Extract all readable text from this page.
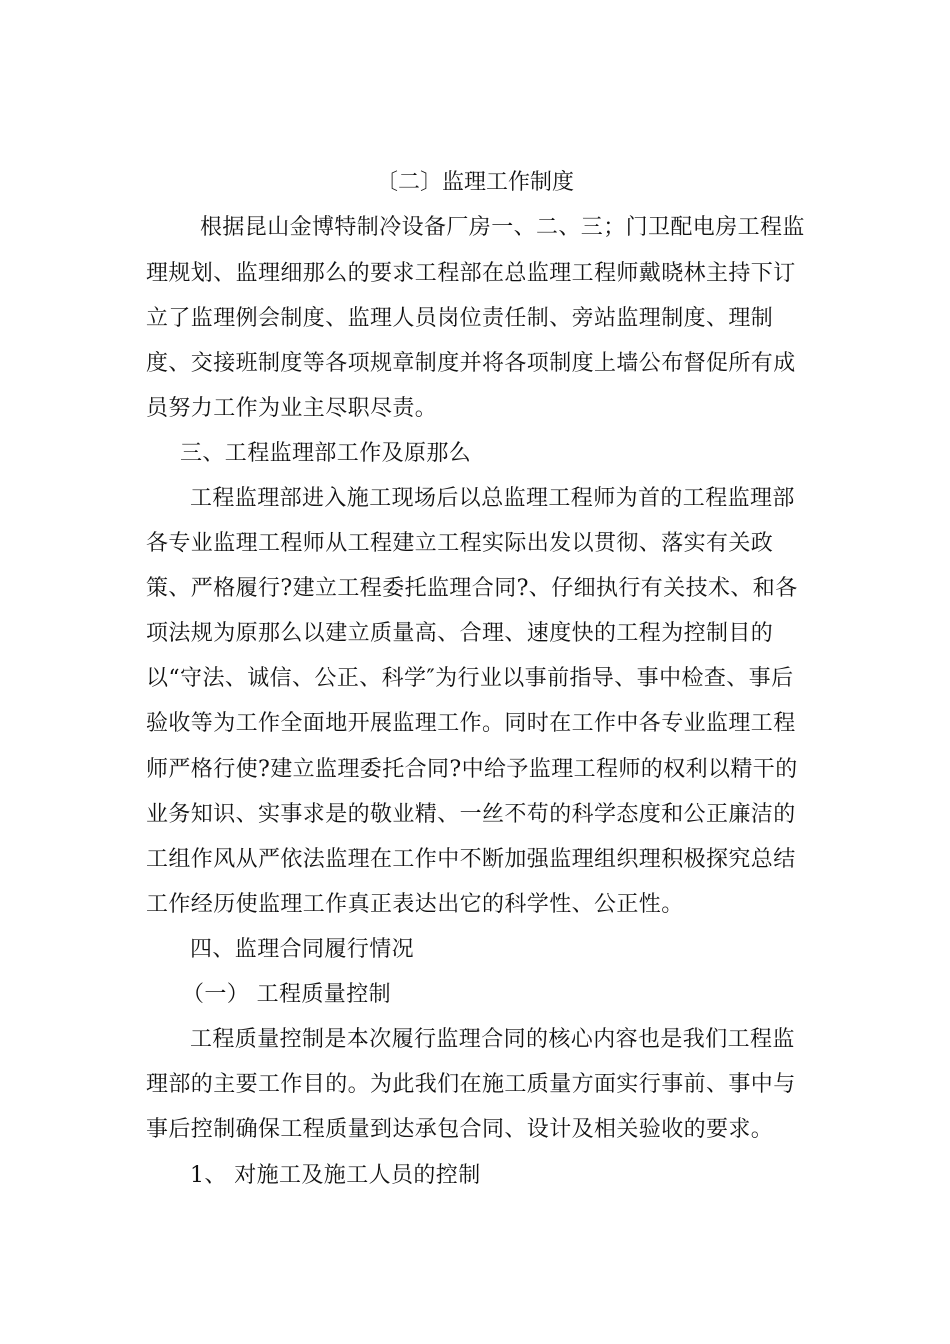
〔二〕监理工作制度
根据昆山金博特制冷设备厂房一、二、三；门卫配电房工程监
理规划、监理细那么的要求工程部在总监理工程师戴晓林主持下订
立了监理例会制度、监理人员岗位责任制、旁站监理制度、理制
度、交接班制度等各项规章制度并将各项制度上墙公布督促所有成
员努力工作为业主尽职尽责。
三、工程监理部工作及原那么
工程监理部进入施工现场后以总监理工程师为首的工程监理部
各专业监理工程师从工程建立工程实际出发以贯彻、落实有关政
策、严格履行?建立工程委托监理合同?、仔细执行有关技术、和各
项法规为原那么以建立质量高、合理、速度快的工程为控制目的
以“守法、诚信、公正、科学″为行业以事前指导、事中检查、事后
验收等为工作全面地开展监理工作。同时在工作中各专业监理工程
师严格行使?建立监理委托合同?中给予监理工程师的权利以精干的
业务知识、实事求是的敬业精、一丝不苟的科学态度和公正廉洁的
工组作风从严依法监理在工作中不断加强监理组织理积极探究总结
工作经历使监理工作真正表达出它的科学性、公正性。
四、监理合同履行情况
（一） 工程质量控制
工程质量控制是本次履行监理合同的核心内容也是我们工程监
理部的主要工作目的。为此我们在施工质量方面实行事前、事中与
事后控制确保工程质量到达承包合同、设计及相关验收的要求。
1、 对施工及施工人员的控制
